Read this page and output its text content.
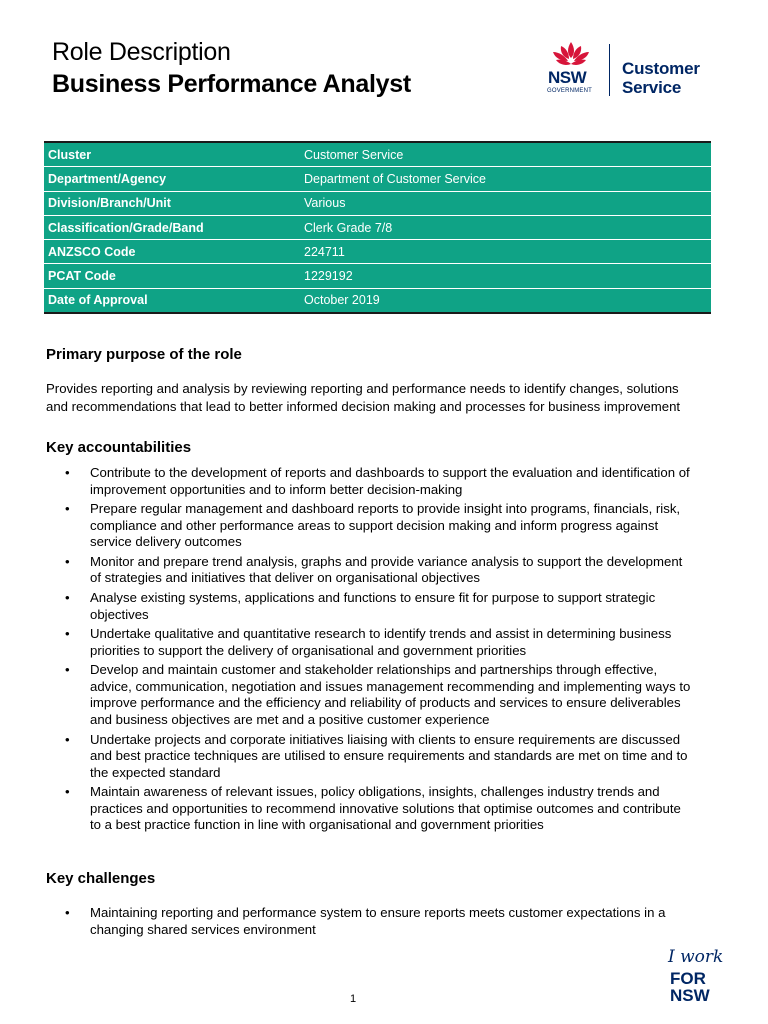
Role Description
Business Performance Analyst	NSW
GOVERNMENT
Customer
Service
Cluster	Customer Service
Department/Agency	Department of Customer Service
Division/Branch/Unit	Various
Classification/Grade/Band	Clerk Grade 7/8
ANZSCO Code	224711
PCAT Code	1229192
Date of Approval	October 2019
Primary purpose of the role
Provides reporting and analysis by reviewing reporting and performance needs to identify changes, solutions
and recommendations that lead to better informed decision making and processes for business improvement
Key accountabilities
• Contribute to the development of reports and dashboards to support the evaluation and identification of
improvement opportunities and to inform better decision-making
• Prepare regular management and dashboard reports to provide insight into programs, financials, risk,
compliance and other performance areas to support decision making and inform progress against
service delivery outcomes
• Monitor and prepare trend analysis, graphs and provide variance analysis to support the development
of strategies and initiatives that deliver on organisational objectives
• Analyse existing systems, applications and functions to ensure fit for purpose to support strategic
objectives
• Undertake qualitative and quantitative research to identify trends and assist in determining business
priorities to support the delivery of organisational and government priorities
• Develop and maintain customer and stakeholder relationships and partnerships through effective,
advice, communication, negotiation and issues management recommending and implementing ways to
improve performance and the efficiency and reliability of products and services to ensure deliverables
and business objectives are met and a positive customer experience
• Undertake projects and corporate initiatives liaising with clients to ensure requirements are discussed
and best practice techniques are utilised to ensure requirements and standards are met on time and to
the expected standard
• Maintain awareness of relevant issues, policy obligations, insights, challenges industry trends and
practices and opportunities to recommend innovative solutions that optimise outcomes and contribute
to a best practice function in line with organisational and government priorities
Key challenges
• Maintaining reporting and performance system to ensure reports meets customer expectations in a
changing shared services environment
1
I work
FOR
NSW
